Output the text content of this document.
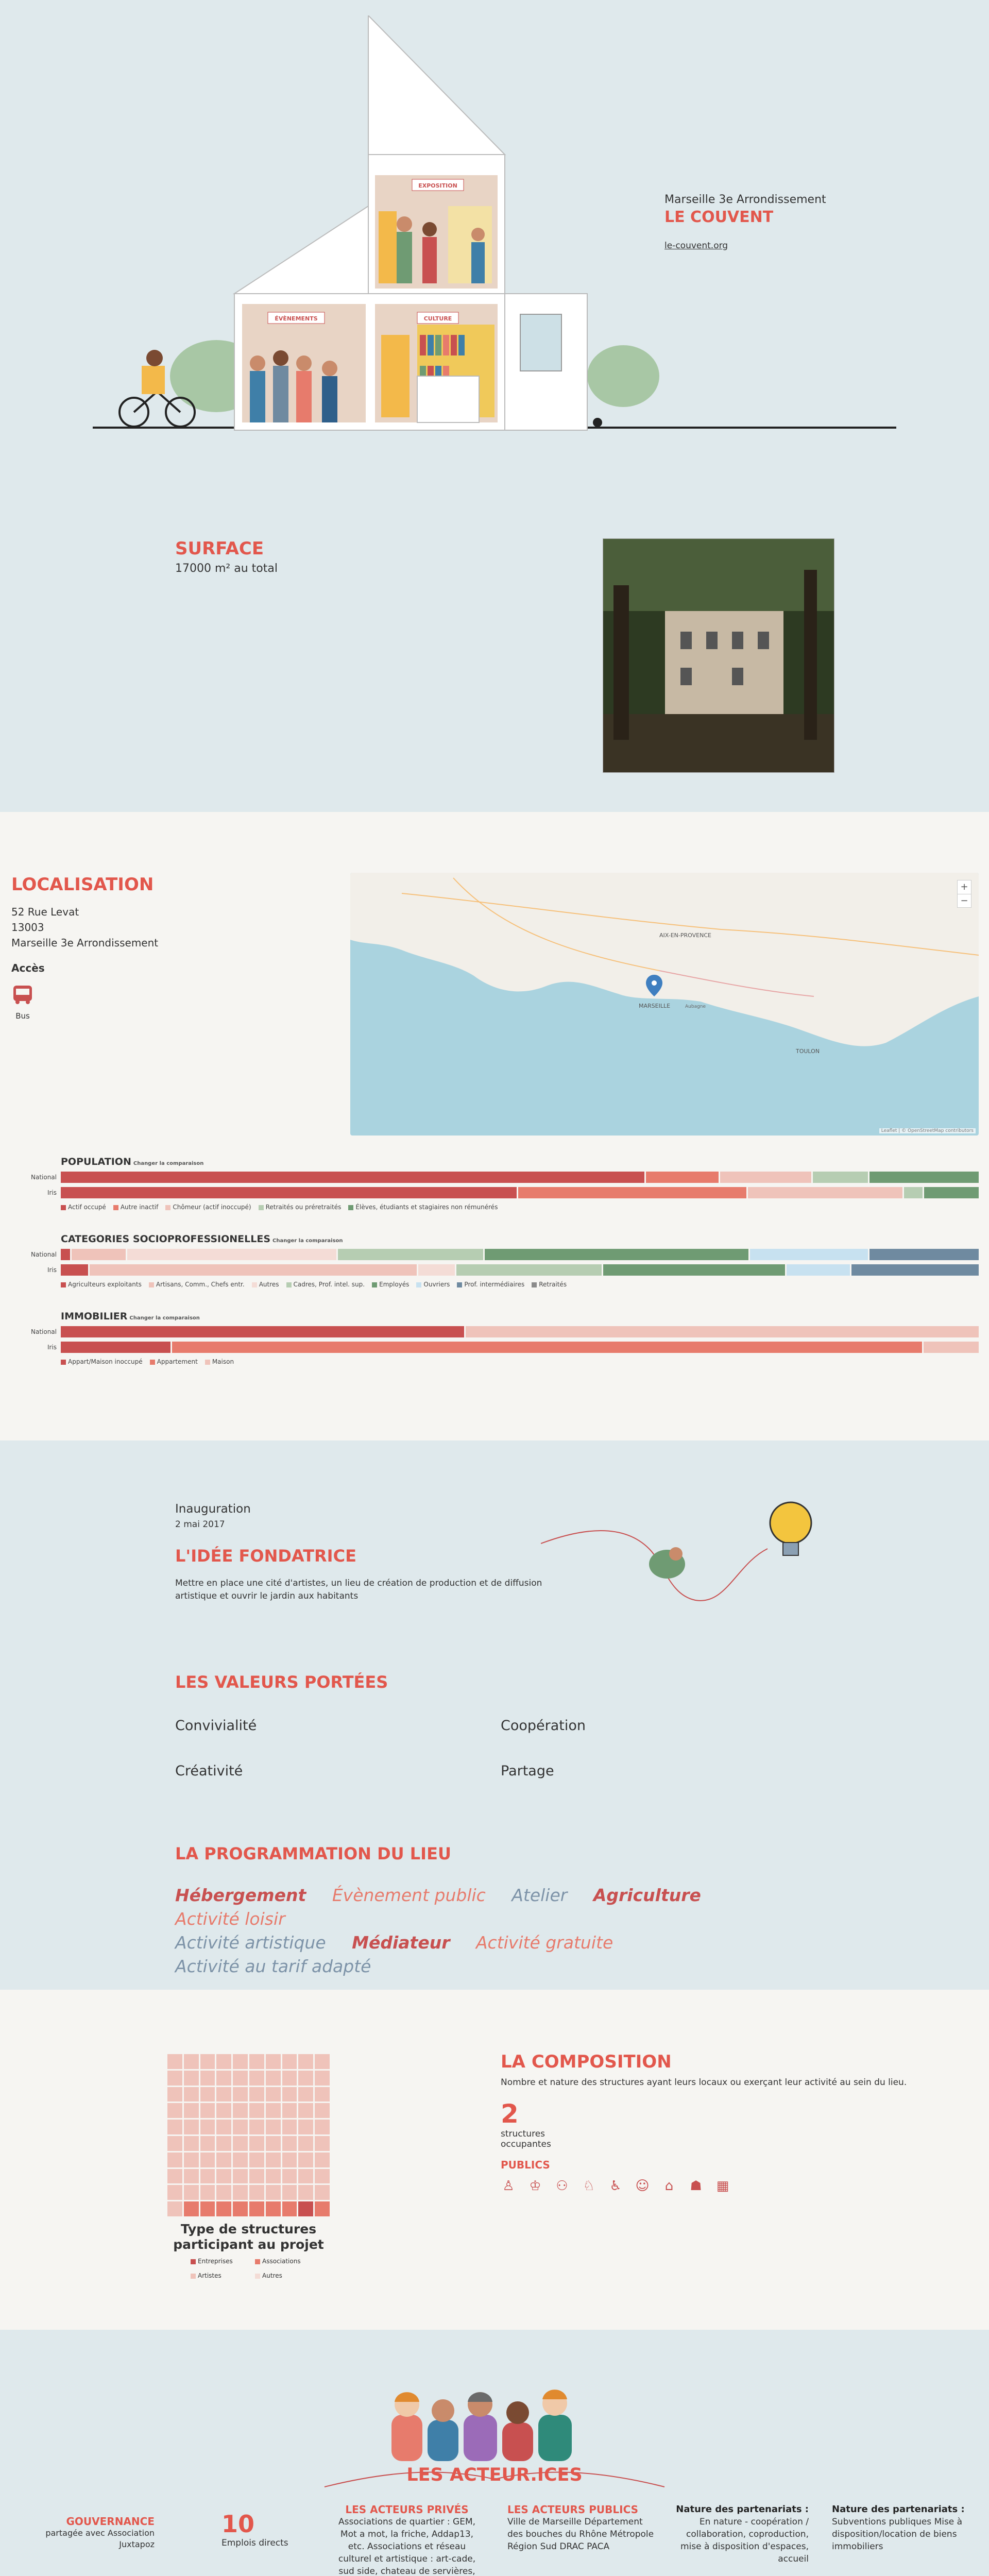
EXPOSITION
ÉVÈNEMENTS	CULTURE
Marseille 3e Arrondissement
LE COUVENT
le-couvent.org
SURFACE
17000 m² au total
LOCALISATION
52 Rue Levat
13003
Marseille 3e Arrondissement
Accès
Bus
AIX-EN-PROVENCE
MARSEILLE	Aubagne
TOULON
+
−
Leaflet | © OpenStreetMap contributors
POPULATION Changer la comparaison
National
Iris
Actif occupé	Autre inactif	Chômeur (actif inoccupé)	Retraités ou préretraités	Élèves, étudiants et stagiaires non rémunérés
CATEGORIES SOCIOPROFESSIONELLES Changer la comparaison
National
Iris
Agriculteurs exploitants	Artisans, Comm., Chefs entr.	Autres	Cadres, Prof. intel. sup.	Employés	Ouvriers	Prof. intermédiaires	Retraités
IMMOBILIER Changer la comparaison
National
Iris
Appart/Maison inoccupé	Appartement	Maison
Inauguration
2 mai 2017
L'IDÉE FONDATRICE
Mettre en place une cité d'artistes, un lieu de création de production et de diffusion artistique et ouvrir le jardin aux habitants
LES VALEURS PORTÉES
Convivialité	Coopération
Créativité	Partage
LA PROGRAMMATION DU LIEU
Hébergement Évènement public Atelier Agriculture Activité loisir
Activité artistique Médiateur Activité gratuite Activité au tarif adapté
Type de structures participant au projet
Entreprises	Associations
Artistes	Autres
LA COMPOSITION
Nombre et nature des structures ayant leurs locaux ou exerçant leur activité au sein du lieu.
2
structures occupantes
PUBLICS
♙ ♔ ⚇ ♘ ♿ ☺ ⌂ ☗ ▦
LES ACTEUR.ICES
GOUVERNANCE
partagée avec Association Juxtapoz
10
Emplois directs
LES ACTEURS PRIVÉS
Associations de quartier : GEM, Mot a mot, la friche, Addap13, etc. Associations et réseau culturel et artistique : art-cade, sud side, chateau de servières,
LES ACTEURS PUBLICS
Ville de Marseille Département des bouches du Rhône Métropole Région Sud DRAC PACA
Nature des partenariats :
En nature - coopération / collaboration, coproduction, mise à disposition d'espaces, accueil
Nature des partenariats :
Subventions publiques Mise à disposition/location de biens immobiliers
